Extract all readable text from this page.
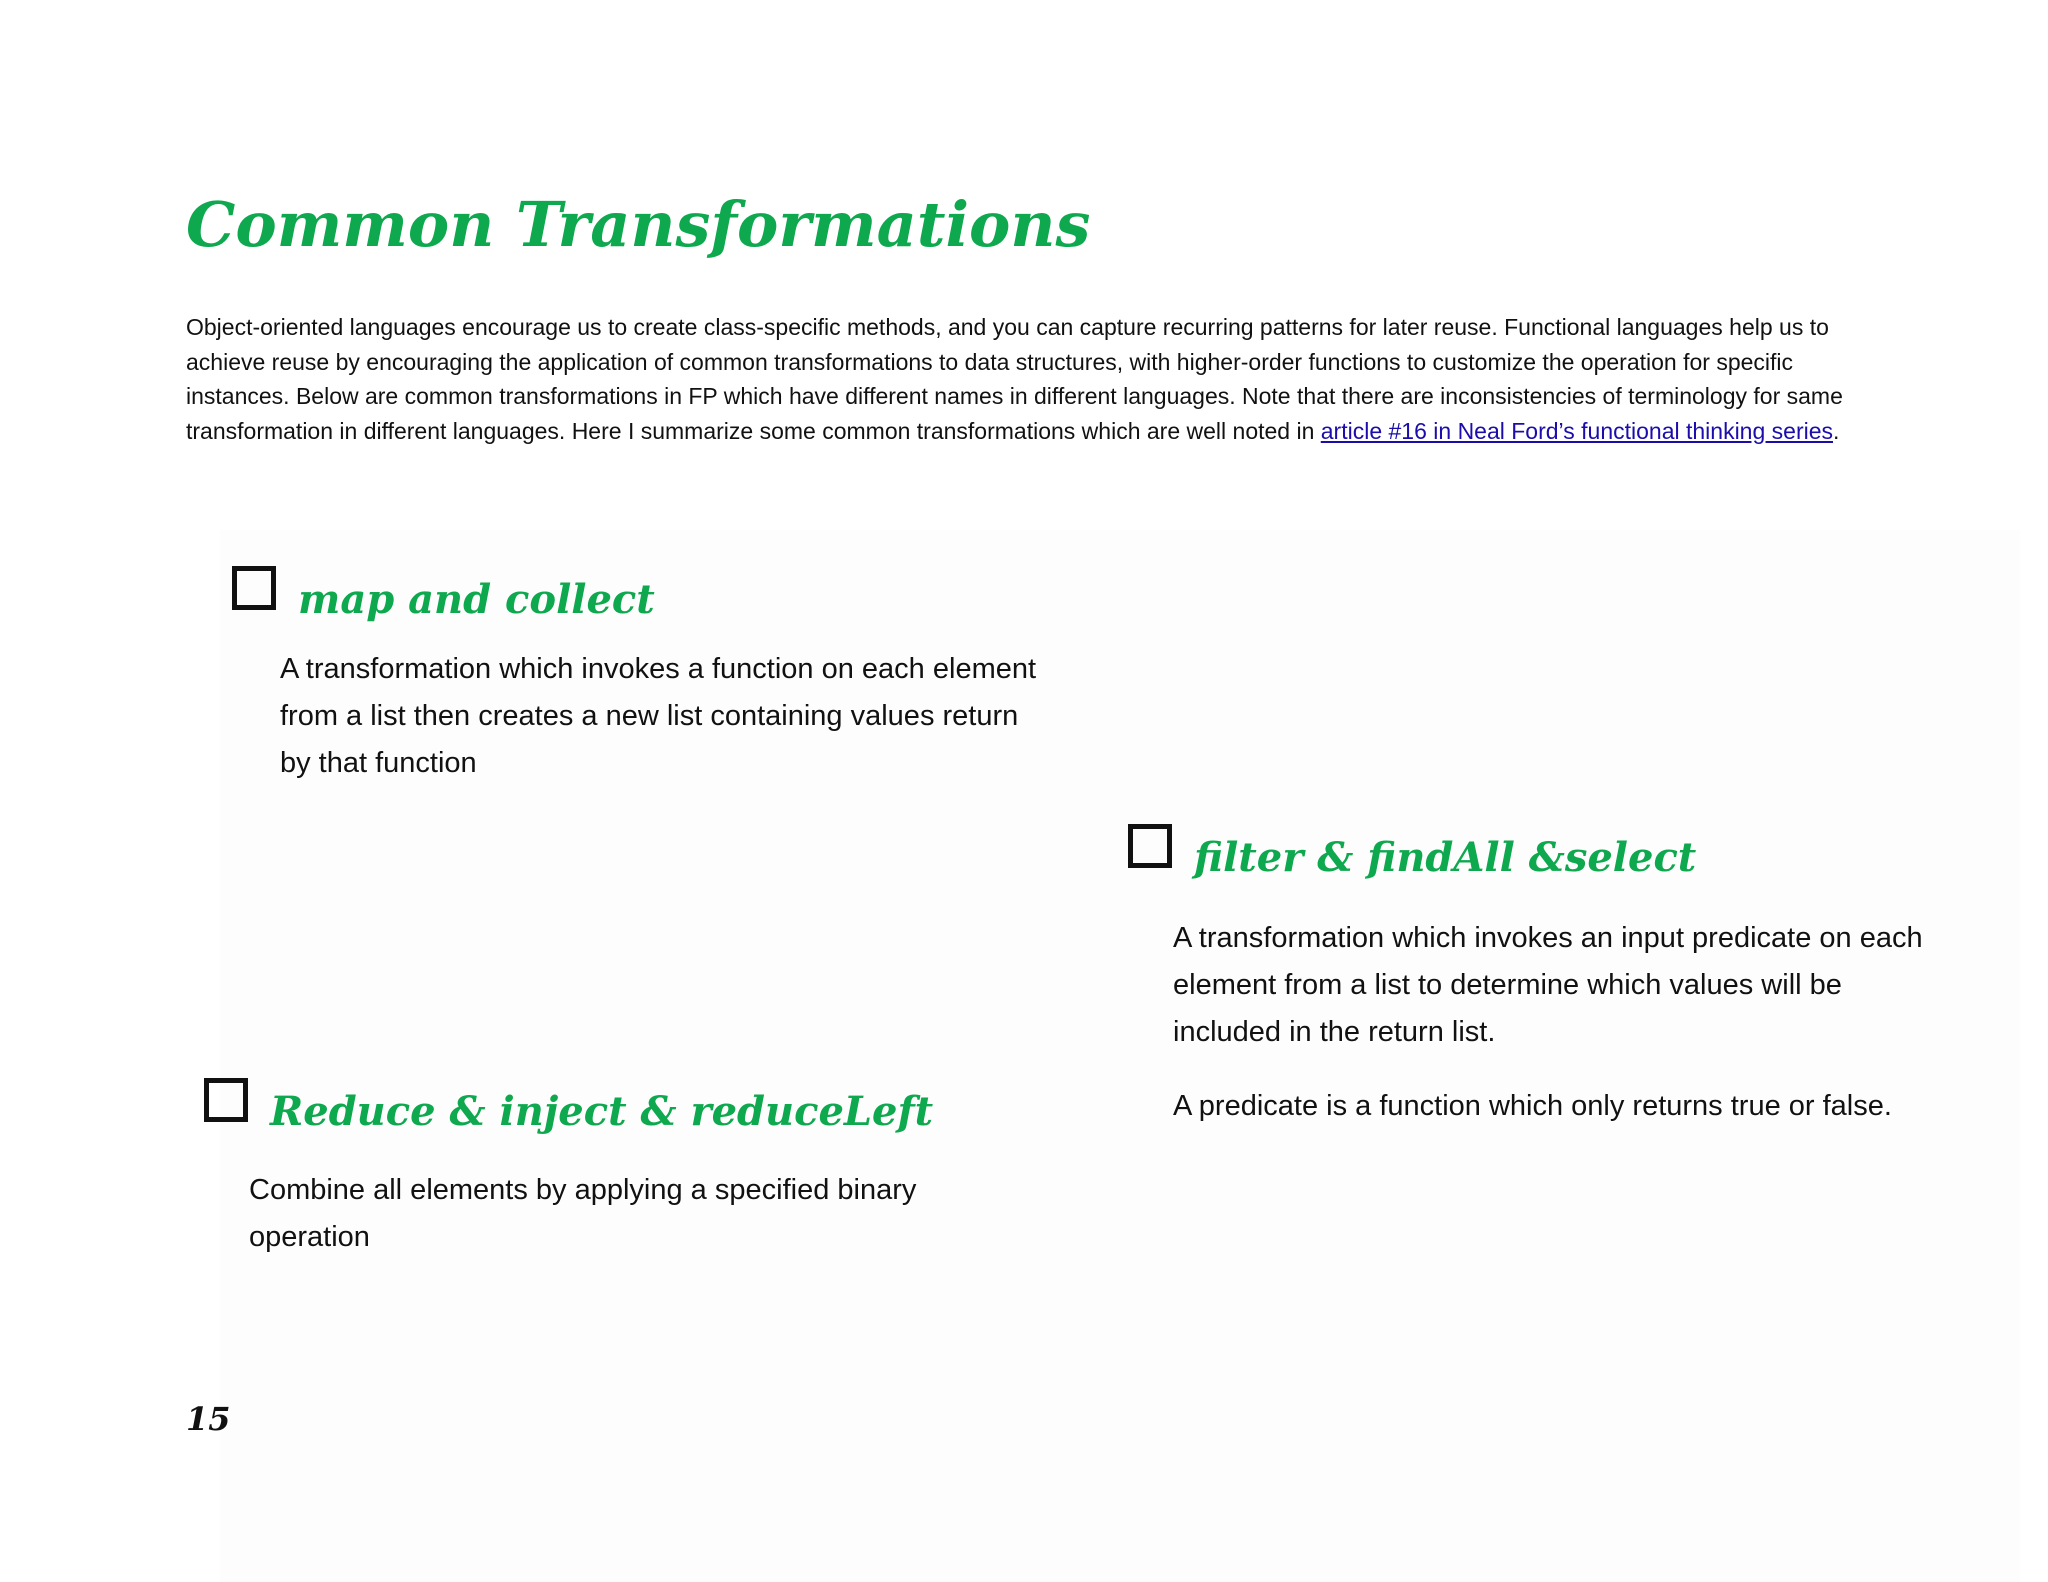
Common Transformations

Object-oriented languages encourage us to create class-specific methods, and you can capture recurring patterns for later reuse. Functional languages help us to achieve reuse by encouraging the application of common transformations to data structures, with higher-order functions to customize the operation for specific instances. Below are common transformations in FP which have different names in different languages. Note that there are inconsistencies of terminology for same transformation in different languages. Here I summarize some common transformations which are well noted in article #16 in Neal Ford’s functional thinking series.

map and collect

A transformation which invokes a function on each element from a list then creates a new list containing values return by that function

filter & findAll &select

A transformation which invokes an input predicate on each element from a list to determine which values will be included in the return list.

A predicate is a function which only returns true or false.

Reduce & inject & reduceLeft

Combine all elements by applying a specified binary operation

15
